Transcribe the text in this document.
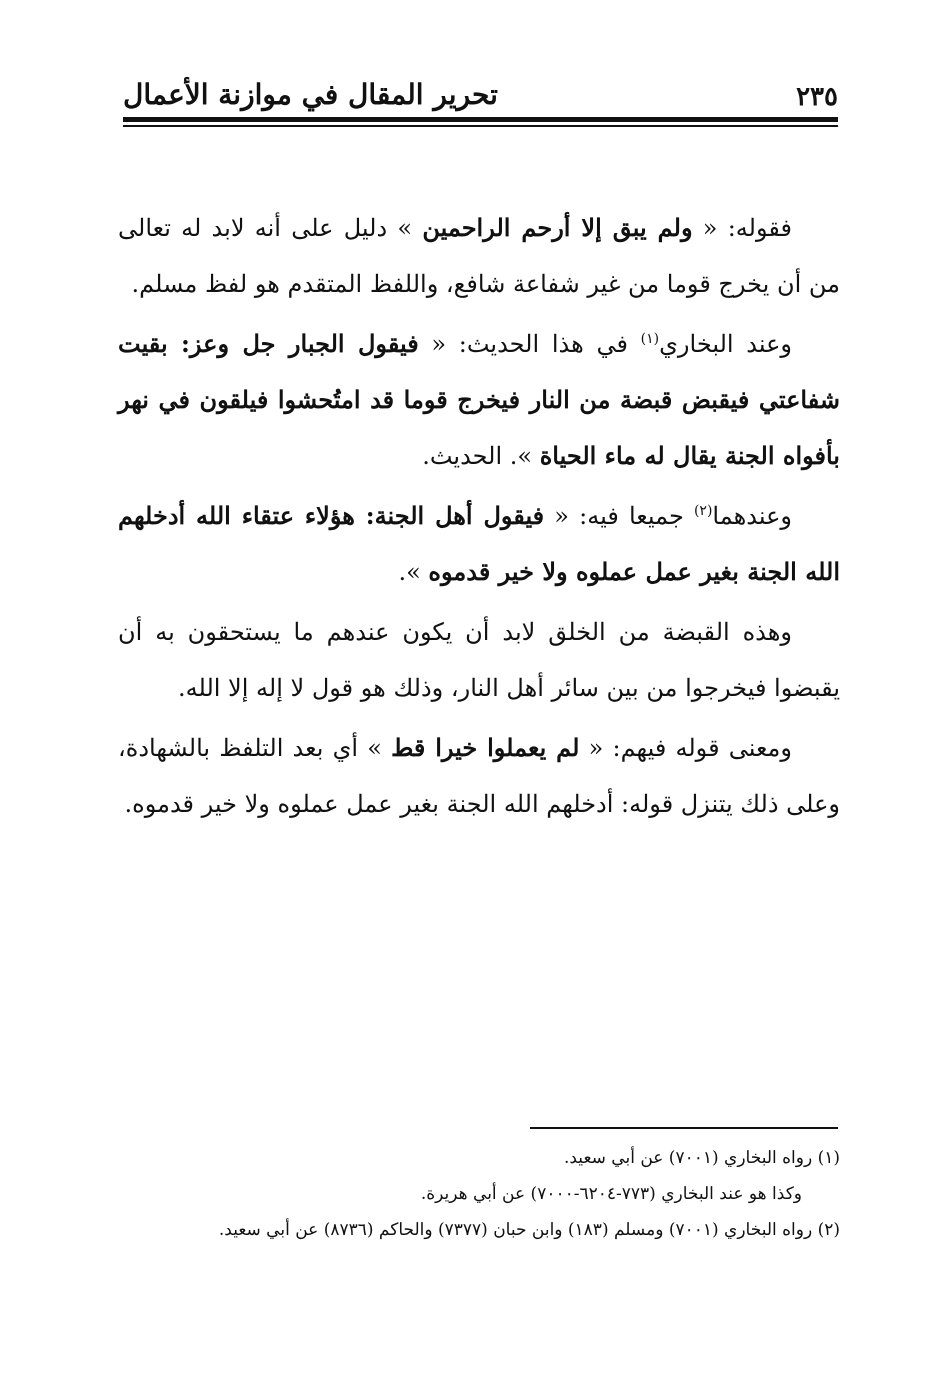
٢٣٥
تحرير المقال في موازنة الأعمال

فقوله: « ولم يبق إلا أرحم الراحمين » دليل على أنه لابد له تعالى من أن يخرج قوما من غير شفاعة شافع، واللفظ المتقدم هو لفظ مسلم.

وعند البخاري$^{(١)}$ في هذا الحديث: « فيقول الجبار جل وعز: بقيت شفاعتي فيقبض قبضة من النار فيخرج قوما قد امتُحشوا فيلقون في نهر بأفواه الجنة يقال له ماء الحياة ». الحديث.

وعندهما$^{(٢)}$ جميعا فيه: « فيقول أهل الجنة: هؤلاء عتقاء الله أدخلهم الله الجنة بغير عمل عملوه ولا خير قدموه ».

وهذه القبضة من الخلق لابد أن يكون عندهم ما يستحقون به أن يقبضوا فيخرجوا من بين سائر أهل النار، وذلك هو قول لا إله إلا الله.

ومعنى قوله فيهم: « لم يعملوا خيرا قط » أي بعد التلفظ بالشهادة، وعلى ذلك يتنزل قوله: أدخلهم الله الجنة بغير عمل عملوه ولا خير قدموه.

(١) رواه البخاري (٧٠٠١) عن أبي سعيد.

وكذا هو عند البخاري (٧٧٣-٦٢٠٤-٧٠٠٠) عن أبي هريرة.

(٢) رواه البخاري (٧٠٠١) ومسلم (١٨٣) وابن حبان (٧٣٧٧) والحاكم (٨٧٣٦) عن أبي سعيد.
